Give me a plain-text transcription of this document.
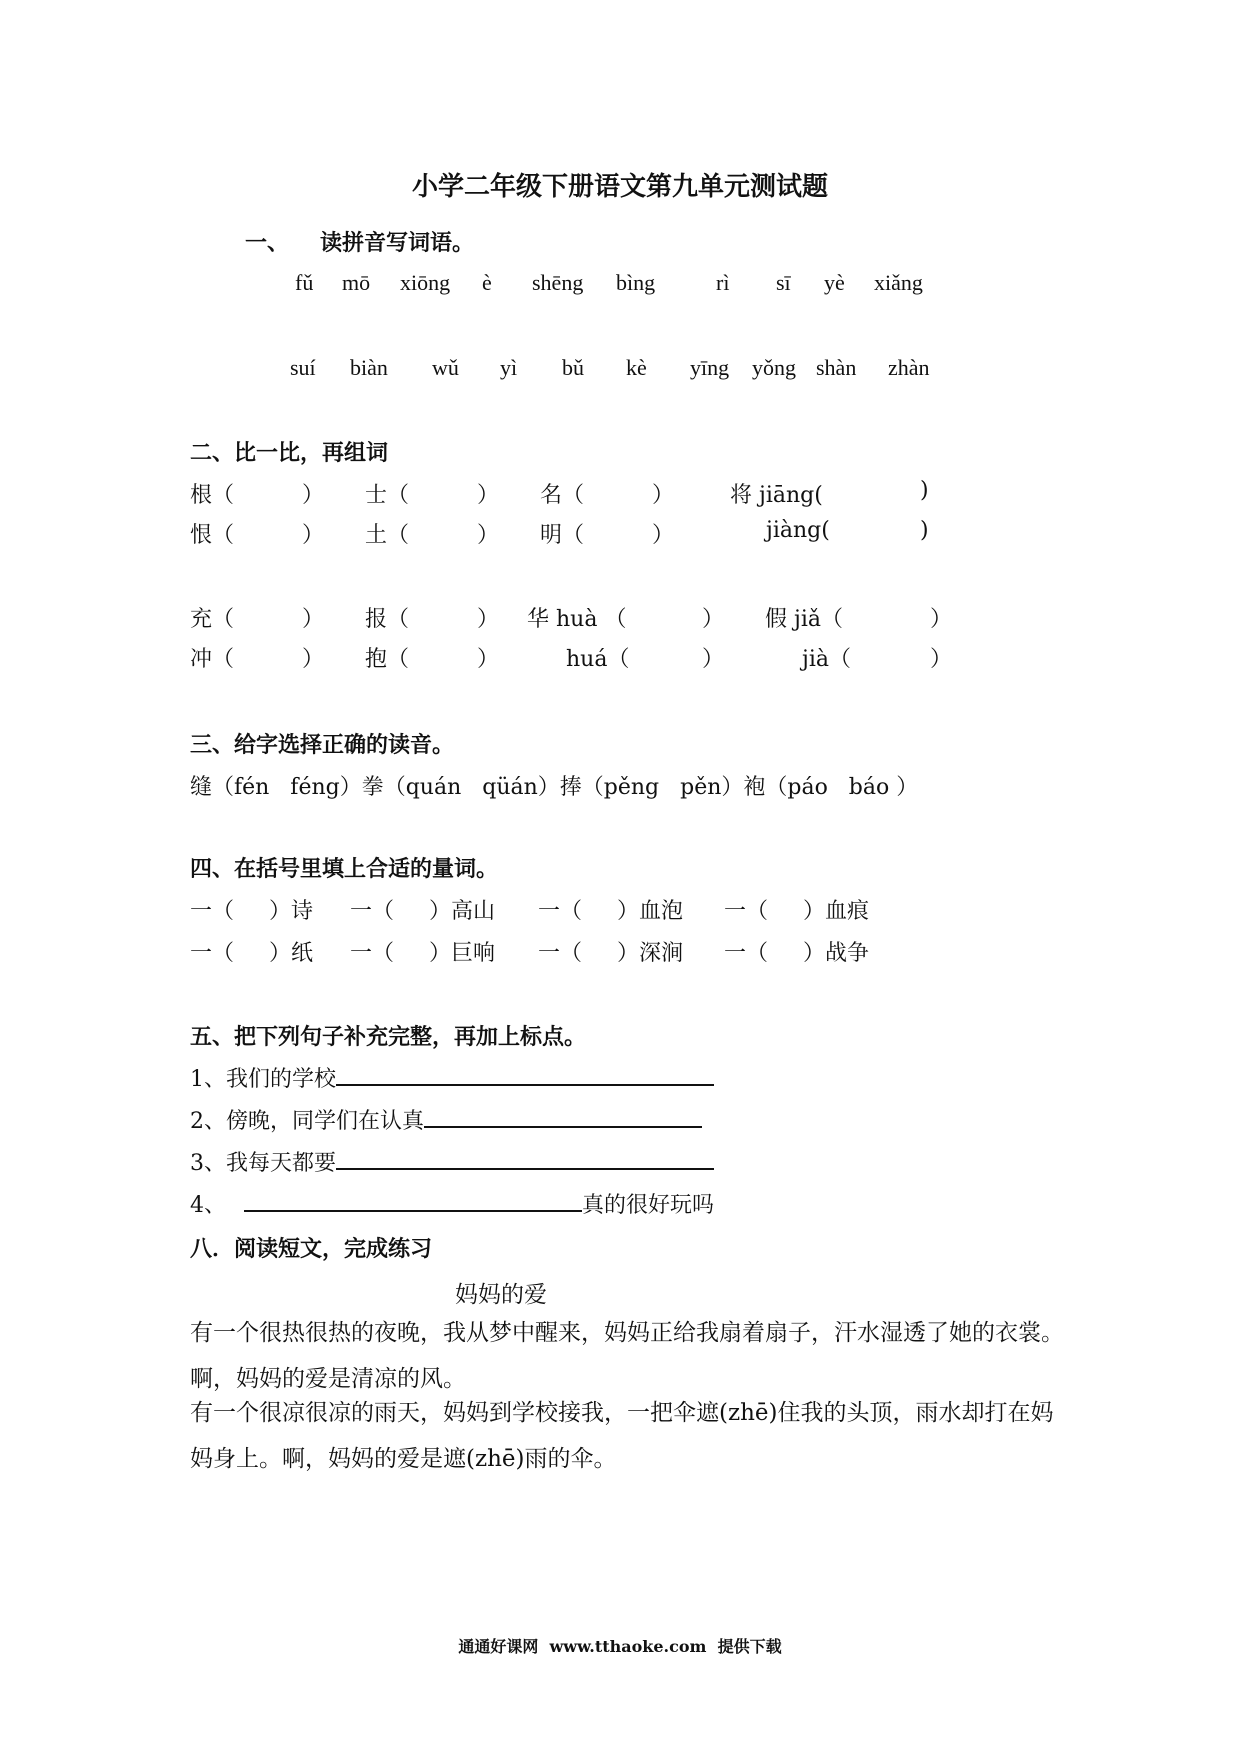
小学二年级下册语文第九单元测试题
一、 读拼音写词语。
fǔ mō xiōng è shēng bìng	rì sī yè xiǎng
suí biàn wǔ yì bǔ kè yīng yǒng shàn zhàn
二、比一比，再组词
根（	） 士（	） 名（	）	将 jiāng(	)
恨（	） 土（	） 明（	）	jiàng(	)
充（	） 报（	） 华 huà （	） 假 jiǎ（	）
冲（	） 抱（	）	huá（	）	jià（	）
三、给字选择正确的读音。
缝（fén   féng）拳（quán   qüán）捧（pěng   pěn）袍（páo   báo ）
四、在括号里填上合适的量词。
一（     ）诗 一（     ）高山 一（     ）血泡 一（     ）血痕
一（     ）纸 一（     ）巨响 一（     ）深涧 一（     ）战争
五、把下列句子补充完整，再加上标点。
1、我们的学校
2、傍晚，同学们在认真
3、我每天都要
4、	真的很好玩吗
八．阅读短文，完成练习
妈妈的爱
有一个很热很热的夜晚，我从梦中醒来，妈妈正给我扇着扇子，汗水湿透了她的衣裳。啊，妈妈的爱是清凉的风。
有一个很凉很凉的雨天，妈妈到学校接我，一把伞遮(zhē)住我的头顶，雨水却打在妈妈身上。啊，妈妈的爱是遮(zhē)雨的伞。
通通好课网  www.tthaoke.com  提供下载
